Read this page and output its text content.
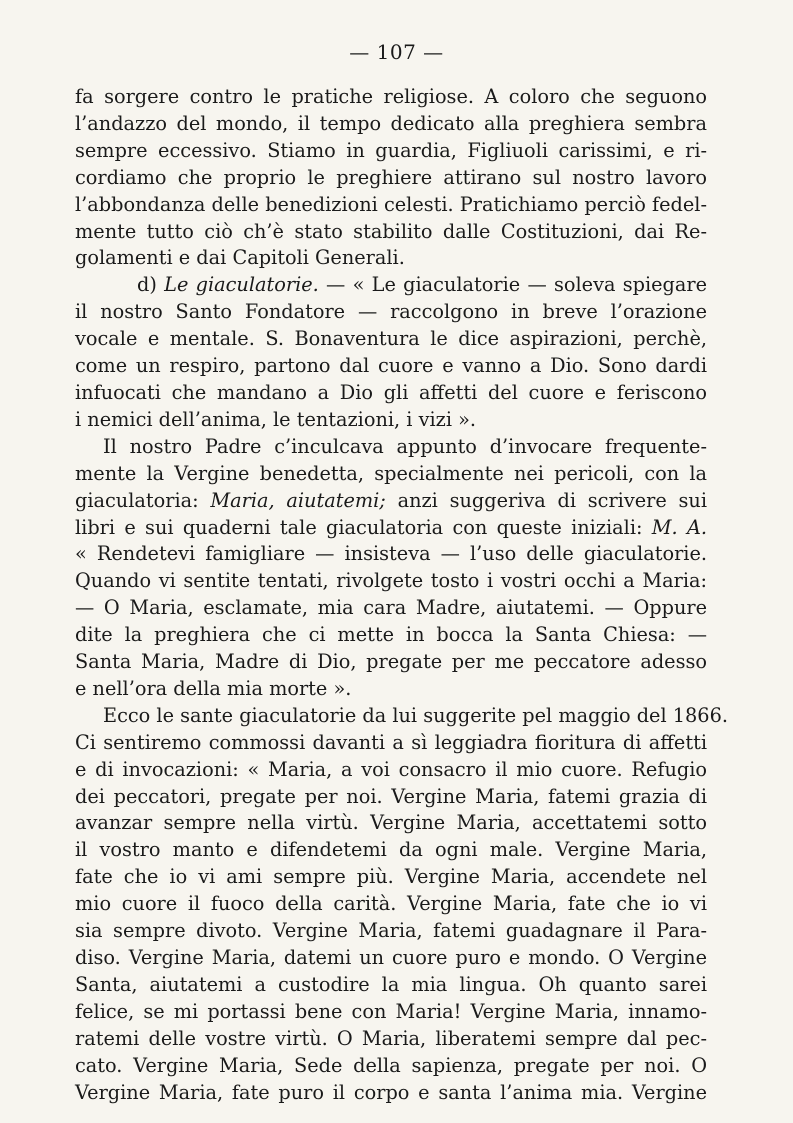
— 107 —
fa sorgere contro le pratiche religiose. A coloro che seguono
l’andazzo del mondo, il tempo dedicato alla preghiera sembra
sempre eccessivo. Stiamo in guardia, Figliuoli carissimi, e ri-
cordiamo che proprio le preghiere attirano sul nostro lavoro
l’abbondanza delle benedizioni celesti. Pratichiamo perciò fedel-
mente tutto ciò ch’è stato stabilito dalle Costituzioni, dai Re-
golamenti e dai Capitoli Generali.
d) Le giaculatorie. — « Le giaculatorie — soleva spiegare
il nostro Santo Fondatore — raccolgono in breve l’orazione
vocale e mentale. S. Bonaventura le dice aspirazioni, perchè,
come un respiro, partono dal cuore e vanno a Dio. Sono dardi
infuocati che mandano a Dio gli affetti del cuore e feriscono
i nemici dell’anima, le tentazioni, i vizi ».
Il nostro Padre c’inculcava appunto d’invocare frequente-
mente la Vergine benedetta, specialmente nei pericoli, con la
giaculatoria: Maria, aiutatemi; anzi suggeriva di scrivere sui
libri e sui quaderni tale giaculatoria con queste iniziali: M. A.
« Rendetevi famigliare — insisteva — l’uso delle giaculatorie.
Quando vi sentite tentati, rivolgete tosto i vostri occhi a Maria:
— O Maria, esclamate, mia cara Madre, aiutatemi. — Oppure
dite la preghiera che ci mette in bocca la Santa Chiesa: —
Santa Maria, Madre di Dio, pregate per me peccatore adesso
e nell’ora della mia morte ».
Ecco le sante giaculatorie da lui suggerite pel maggio del 1866.
Ci sentiremo commossi davanti a sì leggiadra fioritura di affetti
e di invocazioni: « Maria, a voi consacro il mio cuore. Refugio
dei peccatori, pregate per noi. Vergine Maria, fatemi grazia di
avanzar sempre nella virtù. Vergine Maria, accettatemi sotto
il vostro manto e difendetemi da ogni male. Vergine Maria,
fate che io vi ami sempre più. Vergine Maria, accendete nel
mio cuore il fuoco della carità. Vergine Maria, fate che io vi
sia sempre divoto. Vergine Maria, fatemi guadagnare il Para-
diso. Vergine Maria, datemi un cuore puro e mondo. O Vergine
Santa, aiutatemi a custodire la mia lingua. Oh quanto sarei
felice, se mi portassi bene con Maria! Vergine Maria, innamo-
ratemi delle vostre virtù. O Maria, liberatemi sempre dal pec-
cato. Vergine Maria, Sede della sapienza, pregate per noi. O
Vergine Maria, fate puro il corpo e santa l’anima mia. Vergine
